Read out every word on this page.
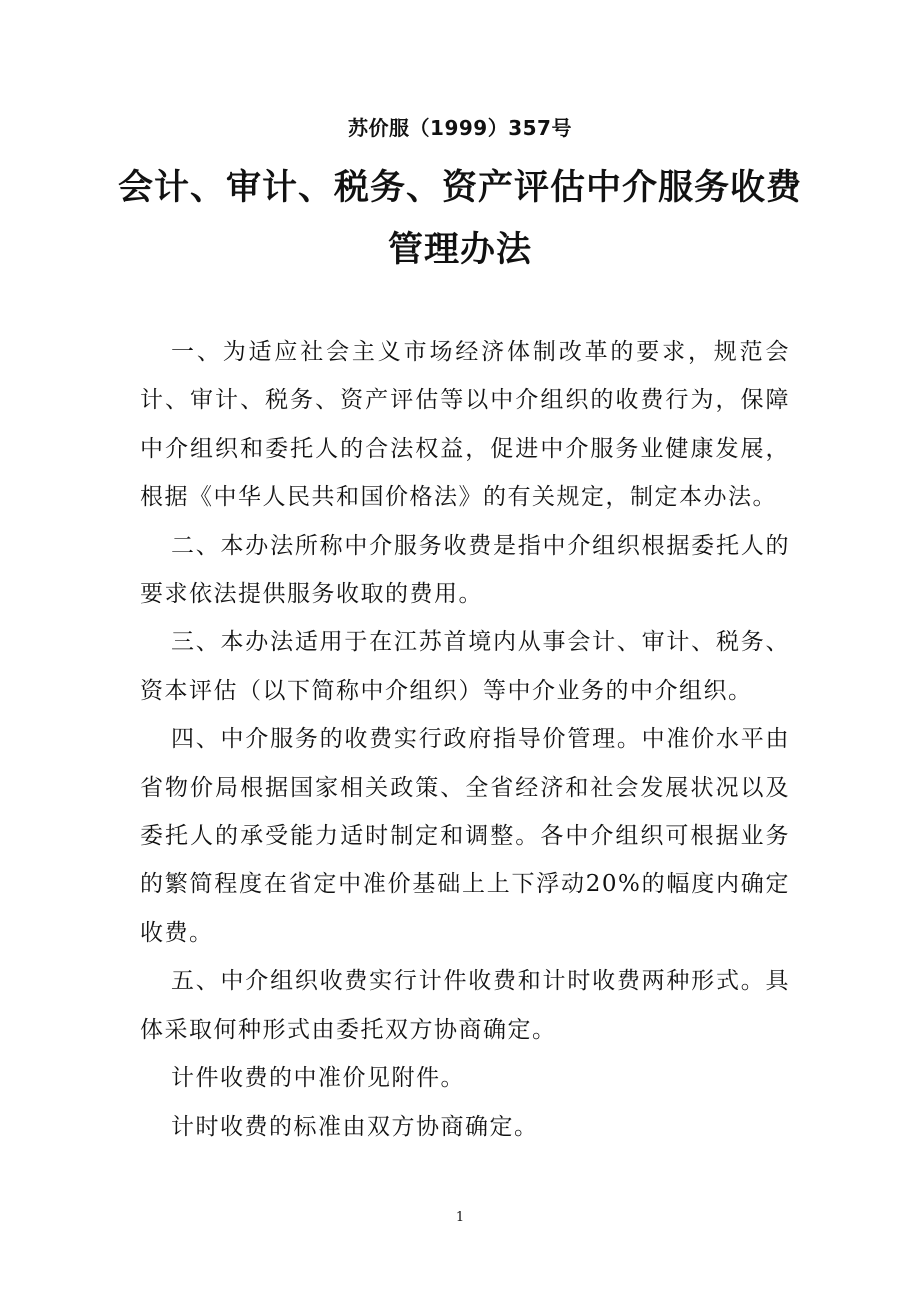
苏价服（1999）357号
会计、审计、税务、资产评估中介服务收费
管理办法

一、为适应社会主义市场经济体制改革的要求，规范会计、审计、税务、资产评估等以中介组织的收费行为，保障中介组织和委托人的合法权益，促进中介服务业健康发展，根据《中华人民共和国价格法》的有关规定，制定本办法。

二、本办法所称中介服务收费是指中介组织根据委托人的要求依法提供服务收取的费用。

三、本办法适用于在江苏首境内从事会计、审计、税务、资本评估（以下简称中介组织）等中介业务的中介组织。

四、中介服务的收费实行政府指导价管理。中准价水平由省物价局根据国家相关政策、全省经济和社会发展状况以及委托人的承受能力适时制定和调整。各中介组织可根据业务的繁简程度在省定中准价基础上上下浮动20%的幅度内确定收费。

五、中介组织收费实行计件收费和计时收费两种形式。具体采取何种形式由委托双方协商确定。

计件收费的中准价见附件。

计时收费的标准由双方协商确定。

1
